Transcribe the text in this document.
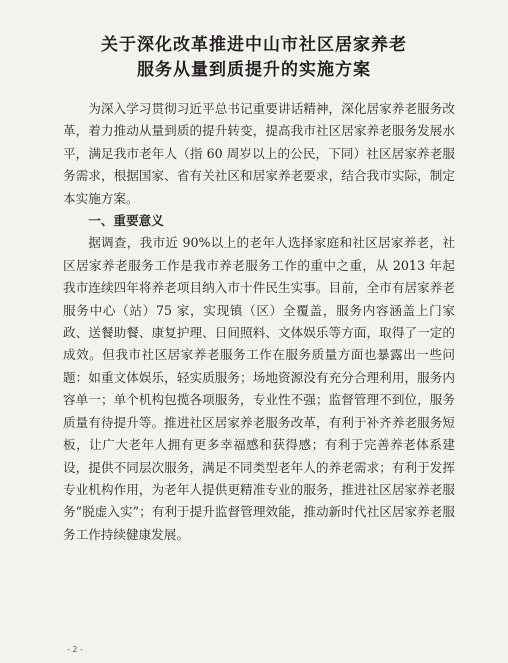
关于深化改革推进中山市社区居家养老
服务从量到质提升的实施方案

为深入学习贯彻习近平总书记重要讲话精神，深化居家养老服务改革，着力推动从量到质的提升转变，提高我市社区居家养老服务发展水平，满足我市老年人（指 60 周岁以上的公民，下同）社区居家养老服务需求，根据国家、省有关社区和居家养老要求，结合我市实际，制定本实施方案。

一、重要意义

据调查，我市近 90%以上的老年人选择家庭和社区居家养老，社区居家养老服务工作是我市养老服务工作的重中之重，从 2013 年起我市连续四年将养老项目纳入市十件民生实事。目前，全市有居家养老服务中心（站）75 家，实现镇（区）全覆盖，服务内容涵盖上门家政、送餐助餐、康复护理、日间照料、文体娱乐等方面，取得了一定的成效。但我市社区居家养老服务工作在服务质量方面也暴露出一些问题：如重文体娱乐，轻实质服务；场地资源没有充分合理利用，服务内容单一；单个机构包揽各项服务，专业性不强；监督管理不到位，服务质量有待提升等。推进社区居家养老服务改革，有利于补齐养老服务短板，让广大老年人拥有更多幸福感和获得感；有利于完善养老体系建设，提供不同层次服务，满足不同类型老年人的养老需求；有利于发挥专业机构作用，为老年人提供更精准专业的服务，推进社区居家养老服务“脱虚入实”；有利于提升监督管理效能，推动新时代社区居家养老服务工作持续健康发展。

- 2 -
